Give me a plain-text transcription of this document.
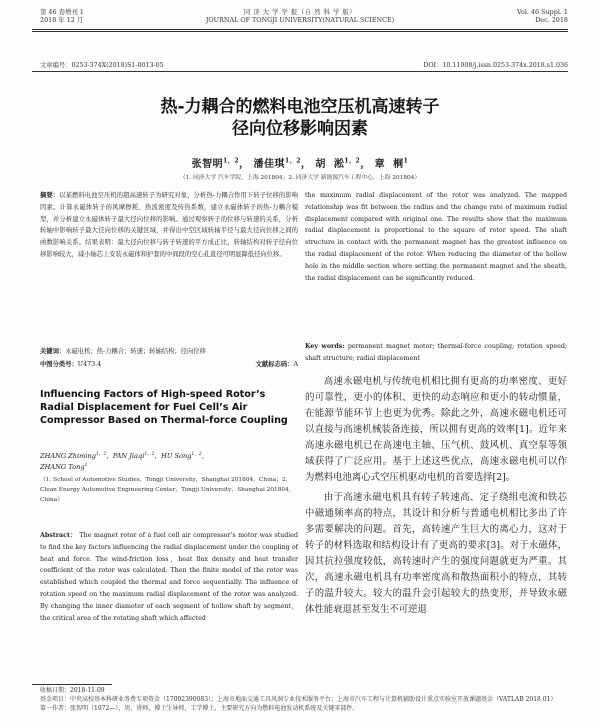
第 46 卷增刊 1
2018 年 12 月
同 济 大 学 学 报（自 然 科 学 版）
JOURNAL OF TONGJI UNIVERSITY(NATURAL SCIENCE)
Vol. 46 Suppl. 1
Dec. 2018
文章编号：0253-374X(2018)S1-0013-05	DOI：10.11908/j.issn.0253-374x.2018.s1.036
热-力耦合的燃料电池空压机高速转子
径向位移影响因素
张智明$^{1,2}$， 潘佳琪$^{1,2}$， 胡 淞$^{1,2}$， 章 桐$^1$
（1. 同济大学 汽车学院，上海 201804；2. 同济大学 新能源汽车工程中心，上海 201804）
摘要：以某燃料电池空压机的超高速转子为研究对象，分析热-力耦合作用下转子位移的影响因素。计算永磁体转子的风摩擦耗、热流密度及传热系数，建立永磁体转子的热-力耦合模型，并分析建立永磁体转子最大径向位移的影响。通过观察转子的位移与转速的关系，分析转轴中影响转子最大径向位移的关键区域，并得出中空区域转轴半径与最大径向位移之间的函数影响关系。结果表明：最大径向位移与转子转速的平方成正比，转轴结构对转子径向位移影响较大，减小轴芯上安装永磁体和护套的中间段的空心孔直径可明显降低径向位移。
the maximum radial displacement of the rotor was analyzed. The mapped relationship was fit between the radius and the change rate of maximum radial displacement compared with original one. The results show that the maximum radial displacement is proportional to the square of rotor speed. The shaft structure in contact with the permanent magnet has the greatest influence on the radial displacement of the rotor. When reducing the diameter of the hollow hole in the middle section where setting the permanent magnet and the sheath, the radial displacement can be significantly reduced.
关键词：永磁电机；热-力耦合；转速；转轴结构；径向位移
中图分类号：U473.4	文献标志码：A
Key words: permanent magnet motor; thermal-force coupling; rotation speed; shaft structure; radial displacement
Influencing Factors of High-speed Rotor’s Radial Displacement for Fuel Cell’s Air Compressor Based on Thermal-force Coupling
ZHANG Zhiming$^{1,2}$，PAN Jiaqi$^{1,2}$，HU Song$^{1,2}$，
ZHANG Tong$^1$
（1. School of Automotive Studies，Tongji University，Shanghai 201804，China；2. Clean Energy Automotive Engineering Center，Tongji University，Shanghai 201804，China）
Abstract： The magnet rotor of a fuel cell air compressor’s motor was studied to find the key factors influencing the radial displacement under the coupling of heat and force. The wind-friction loss，heat flux density and heat transfer coefficient of the rotor was calculated. Then the finite model of the rotor was established which coupled the thermal and force sequentially. The influence of rotation speed on the maximum radial displacement of the rotor was analyzed. By changing the inner diameter of each segment of hollow shaft by segment，the critical area of the rotating shaft which affected

高速永磁电机与传统电机相比拥有更高的功率密度、更好的可靠性，更小的体积、更快的动态响应和更小的转动惯量，在能源节能环节上也更为优秀。除此之外，高速永磁电机还可以直接与高速机械装备连接，所以拥有更高的效率[1]。近年来高速永磁电机已在高速电主轴、压气机、鼓风机、真空泵等领域获得了广泛应用。基于上述这些优点，高速永磁电机可以作为燃料电池离心式空压机驱动电机的首要选择[2]。

由于高速永磁电机具有转子转速高、定子绕组电流和铁芯中磁通频率高的特点，其设计和分析与普通电机相比多出了许多需要解决的问题。首先，高转速产生巨大的离心力，这对于转子的材料选取和结构设计有了更高的要求[3]。对于永磁体，因其抗拉强度较低，高转速时产生的强度问题就更为严重。其次，高速永磁电机具有功率密度高和散热面积小的特点，其转子的温升较大。较大的温升会引起较大的热变形，并导致永磁体性能衰退甚至发生不可逆退

收稿日期：2018-11-09
基金项目：中央高校基本科研业务费专项资金（17002390083）；上海市地面交通工具风洞专业技术服务平台；上海市汽车工程与计算机辅助设计重点实验室开放课题基金（VATLAB 2018 01）
第一作者：张智明（1972—），男，讲师，博士生导师，工学博士，主要研究方向为燃料电池发动机系统及关键零部件。
